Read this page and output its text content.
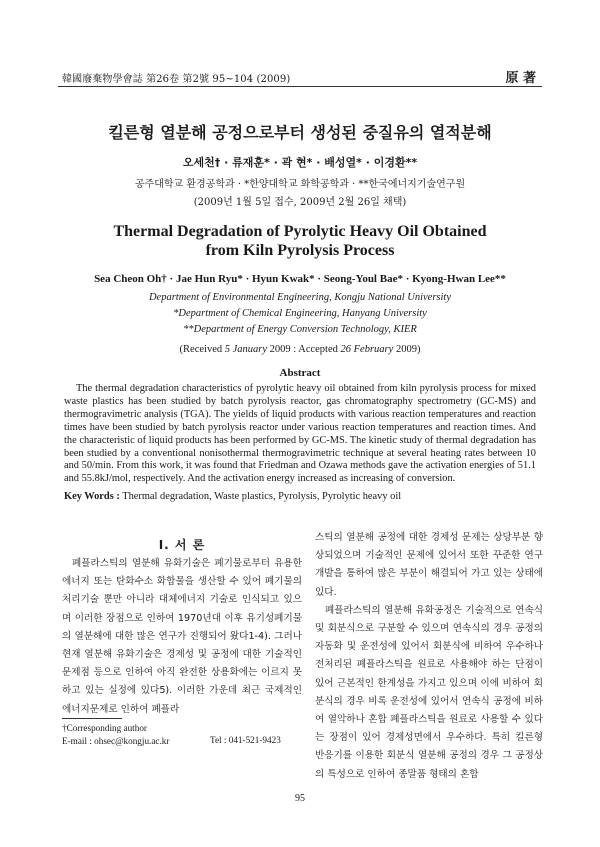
韓國廢棄物學會誌 第26卷 第2號 95~104 (2009)	原 著
킬른형 열분해 공정으로부터 생성된 중질유의 열적분해
오세천† · 류재훈* · 곽 현* · 배성열* · 이경환**
공주대학교 환경공학과 · *한양대학교 화학공학과 · **한국에너지기술연구원
(2009년 1월 5일 접수, 2009년 2월 26일 채택)
Thermal Degradation of Pyrolytic Heavy Oil Obtained
from Kiln Pyrolysis Process
Sea Cheon Oh† · Jae Hun Ryu* · Hyun Kwak* · Seong-Youl Bae* · Kyong-Hwan Lee**
Department of Environmental Engineering, Kongju National University
*Department of Chemical Engineering, Hanyang University
**Department of Energy Conversion Technology, KIER
(Received 5 January 2009 : Accepted 26 February 2009)
Abstract
The thermal degradation characteristics of pyrolytic heavy oil obtained from kiln pyrolysis process for mixed waste plastics has been studied by batch pyrolysis reactor, gas chromatography spectrometry (GC-MS) and thermogravimetric analysis (TGA). The yields of liquid products with various reaction temperatures and reaction times have been studied by batch pyrolysis reactor under various reaction temperatures and reaction times. And the characteristic of liquid products has been performed by GC-MS. The kinetic study of thermal degradation has been studied by a conventional nonisothermal thermogravimetric technique at several heating rates between 10 and 50/min. From this work, it was found that Friedman and Ozawa methods gave the activation energies of 51.1 and 55.8kJ/mol, respectively. And the activation energy increased as increasing of conversion.
Key Words : Thermal degradation, Waste plastics, Pyrolysis, Pyrolytic heavy oil
I. 서 론
폐플라스틱의 열분해 유화기술은 폐기물로부터 유용한 에너지 또는 탄화수소 화합물을 생산할 수 있어 폐기물의 처리기술 뿐만 아니라 대체에너지 기술로 인식되고 있으며 이러한 장점으로 인하여 1970년대 이후 유기성폐기물의 열분해에 대한 많은 연구가 진행되어 왔다1-4). 그러나 현재 열분해 유화기술은 경제성 및 공정에 대한 기술적인 문제점 등으로 인하여 아직 완전한 상용화에는 이르지 못하고 있는 실정에 있다5). 이러한 가운데 최근 국제적인 에너지문제로 인하여 폐플라

스틱의 열분해 공정에 대한 경제성 문제는 상당부분 향상되었으며 기술적인 문제에 있어서 또한 꾸준한 연구개발을 통하여 많은 부분이 해결되어 가고 있는 상태에 있다.

폐플라스틱의 열분해 유화공정은 기술적으로 연속식 및 회분식으로 구분할 수 있으며 연속식의 경우 공정의 자동화 및 운전성에 있어서 회분식에 비하여 우수하나 전처리된 폐플라스틱을 원료로 사용해야 하는 단점이 있어 근본적인 한계성을 가지고 있으며 이에 비하여 회분식의 경우 비록 운전성에 있어서 연속식 공정에 비하여 열악하나 혼합 폐플라스틱을 원료로 사용할 수 있다는 장점이 있어 경제성면에서 우수하다. 특히 킬른형 반응기를 이용한 회분식 열분해 공정의 경우 그 공정상의 특성으로 인하여 종말품 형태의 혼합

†Corresponding author
E-mail : ohsec@kongju.ac.kr	Tel : 041-521-9423
95
